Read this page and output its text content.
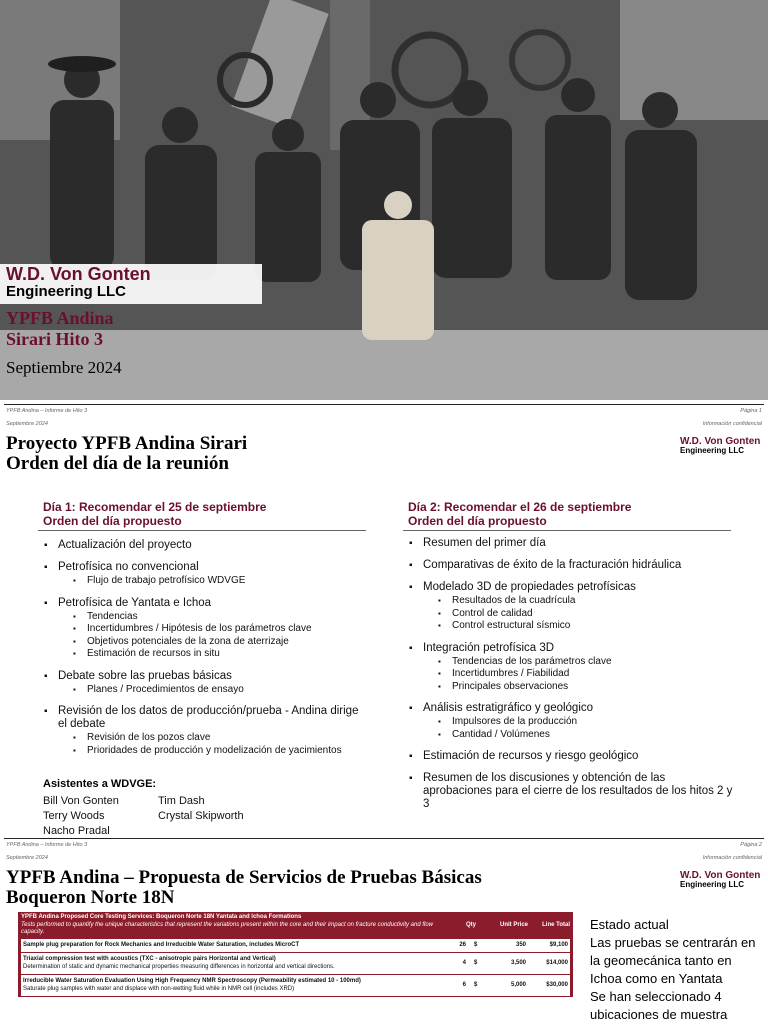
W.D. Von Gonten
Engineering LLC
YPFB Andina
Sirari Hito 3
Septiembre 2024
YPFB Andina – Informe de Hito 3
Septiembre 2024
Página 1
Información confidencial
Proyecto YPFB Andina Sirari
Orden del día de la reunión
W.D. Von Gonten
Engineering LLC
Día 1: Recomendar el 25 de septiembre
Orden del día propuesto
▪ Actualización del proyecto
▪ Petrofísica no convencional
▪ Flujo de trabajo petrofísico WDVGE
▪ Petrofísica de Yantata e Ichoa
▪ Tendencias
▪ Incertidumbres / Hipótesis de los parámetros clave
▪ Objetivos potenciales de la zona de aterrizaje
▪ Estimación de recursos in situ
▪ Debate sobre las pruebas básicas
▪ Planes / Procedimientos de ensayo
▪ Revisión de los datos de producción/prueba - Andina dirige el debate
▪ Revisión de los pozos clave
▪ Prioridades de producción y modelización de yacimientos
Asistentes a WDVGE:
Bill Von Gonten
Terry Woods
Nacho Pradal
Tim Dash
Crystal Skipworth
Día 2: Recomendar el 26 de septiembre
Orden del día propuesto
▪ Resumen del primer día
▪ Comparativas de éxito de la fracturación hidráulica
▪ Modelado 3D de propiedades petrofísicas
▪ Resultados de la cuadrícula
▪ Control de calidad
▪ Control estructural sísmico
▪ Integración petrofísica 3D
▪ Tendencias de los parámetros clave
▪ Incertidumbres / Fiabilidad
▪ Principales observaciones
▪ Análisis estratigráfico y geológico
▪ Impulsores de la producción
▪ Cantidad / Volúmenes
▪ Estimación de recursos y riesgo geológico
▪ Resumen de los discusiones y obtención de las aprobaciones para el cierre de los resultados de los hitos 2 y 3
YPFB Andina – Informe de Hito 3
Septiembre 2024
Página 2
Información confidencial
YPFB Andina – Propuesta de Servicios de Pruebas Básicas
Boqueron Norte 18N
W.D. Von Gonten
Engineering LLC
YPFB Andina Proposed Core Testing Services: Boqueron Norte 18N Yantata and Ichoa Formations
Tests performed to quantify the unique characteristics that represent the variations present within the core and their impact on fracture conductivity and flow capacity.
Qty	Unit Price	Line Total
Sample plug preparation for Rock Mechanics and Irreducible Water Saturation, includes MicroCT	26 $	350	$9,100
Triaxial compression test with acoustics (TXC - anisotropic pairs Horizontal and Vertical)
Determination of static and dynamic mechanical properties measuring differences in horizontal and vertical directions.
4 $	3,500	$14,000
Irreducible Water Saturation Evaluation Using High Frequency NMR Spectroscopy (Permeability estimated 10 - 100md)
Saturate plug samples with water and displace with non-wetting fluid while in NMR cell (includes XRD)
6 $	5,000	$30,000
Estado actual
Las pruebas se centrarán en la geomecánica tanto en Ichoa como en Yantata
Se han seleccionado 4 ubicaciones de muestra
